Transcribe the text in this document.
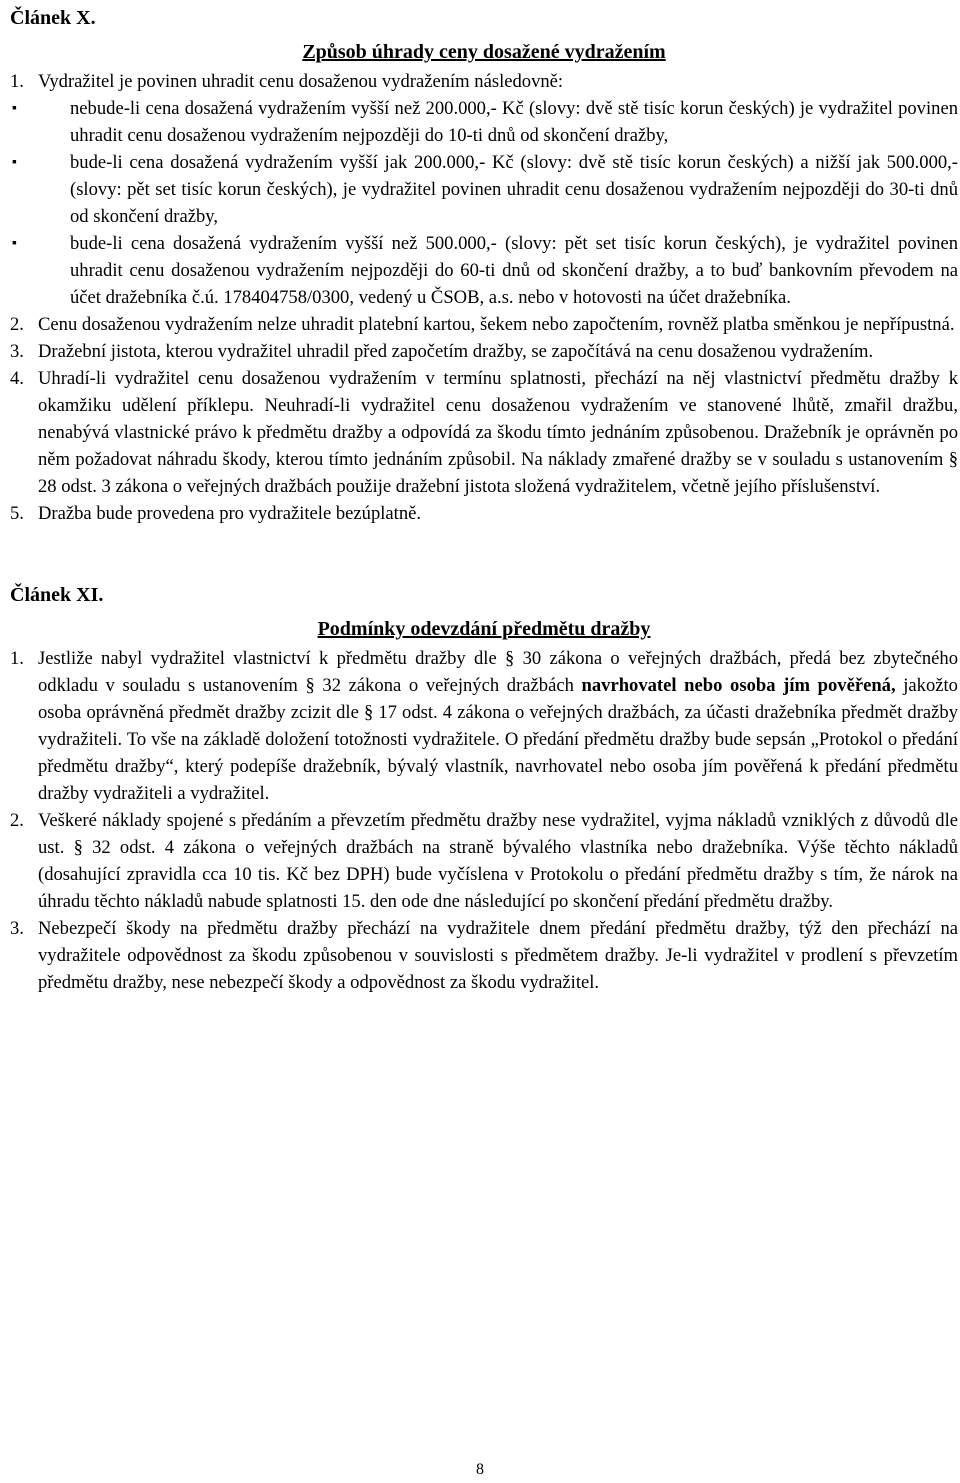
Článek X.
Způsob úhrady ceny dosažené vydražením
1. Vydražitel je povinen uhradit cenu dosaženou vydražením následovně:
▪	nebude-li cena dosažená vydražením vyšší než 200.000,- Kč (slovy: dvě stě tisíc korun českých) je vydražitel povinen uhradit cenu dosaženou vydražením nejpozději do 10-ti dnů od skončení dražby,
▪	bude-li cena dosažená vydražením vyšší jak 200.000,- Kč (slovy: dvě stě tisíc korun českých) a nižší jak 500.000,- (slovy: pět set tisíc korun českých), je vydražitel povinen uhradit cenu dosaženou vydražením nejpozději do 30-ti dnů od skončení dražby,
▪	bude-li cena dosažená vydražením vyšší než 500.000,- (slovy: pět set tisíc korun českých), je vydražitel povinen uhradit cenu dosaženou vydražením nejpozději do 60-ti dnů od skončení dražby, a to buď bankovním převodem na účet dražebníka č.ú. 178404758/0300, vedený u ČSOB, a.s. nebo v hotovosti na účet dražebníka.
2. Cenu dosaženou vydražením nelze uhradit platební kartou, šekem nebo započtením, rovněž platba směnkou je nepřípustná.
3. Dražební jistota, kterou vydražitel uhradil před započetím dražby, se započítává na cenu dosaženou vydražením.
4. Uhradí-li vydražitel cenu dosaženou vydražením v termínu splatnosti, přechází na něj vlastnictví předmětu dražby k okamžiku udělení příklepu. Neuhradí-li vydražitel cenu dosaženou vydražením ve stanovené lhůtě, zmařil dražbu, nenabývá vlastnické právo k předmětu dražby a odpovídá za škodu tímto jednáním způsobenou. Dražebník je oprávněn po něm požadovat náhradu škody, kterou tímto jednáním způsobil. Na náklady zmařené dražby se v souladu s ustanovením § 28 odst. 3 zákona o veřejných dražbách použije dražební jistota složená vydražitelem, včetně jejího příslušenství.
5. Dražba bude provedena pro vydražitele bezúplatně.
Článek XI.
Podmínky odevzdání předmětu dražby
1. Jestliže nabyl vydražitel vlastnictví k předmětu dražby dle § 30 zákona o veřejných dražbách, předá bez zbytečného odkladu v souladu s ustanovením § 32 zákona o veřejných dražbách navrhovatel nebo osoba jím pověřená, jakožto osoba oprávněná předmět dražby zcizit dle § 17 odst. 4 zákona o veřejných dražbách, za účasti dražebníka předmět dražby vydražiteli. To vše na základě doložení totožnosti vydražitele. O předání předmětu dražby bude sepsán „Protokol o předání předmětu dražby“, který podepíše dražebník, bývalý vlastník, navrhovatel nebo osoba jím pověřená k předání předmětu dražby vydražiteli a vydražitel.
2. Veškeré náklady spojené s předáním a převzetím předmětu dražby nese vydražitel, vyjma nákladů vzniklých z důvodů dle ust. § 32 odst. 4 zákona o veřejných dražbách na straně bývalého vlastníka nebo dražebníka. Výše těchto nákladů (dosahující zpravidla cca 10 tis. Kč bez DPH) bude vyčíslena v Protokolu o předání předmětu dražby s tím, že nárok na úhradu těchto nákladů nabude splatnosti 15. den ode dne následující po skončení předání předmětu dražby.
3. Nebezpečí škody na předmětu dražby přechází na vydražitele dnem předání předmětu dražby, týž den přechází na vydražitele odpovědnost za škodu způsobenou v souvislosti s předmětem dražby. Je-li vydražitel v prodlení s převzetím předmětu dražby, nese nebezpečí škody a odpovědnost za škodu vydražitel.
8
